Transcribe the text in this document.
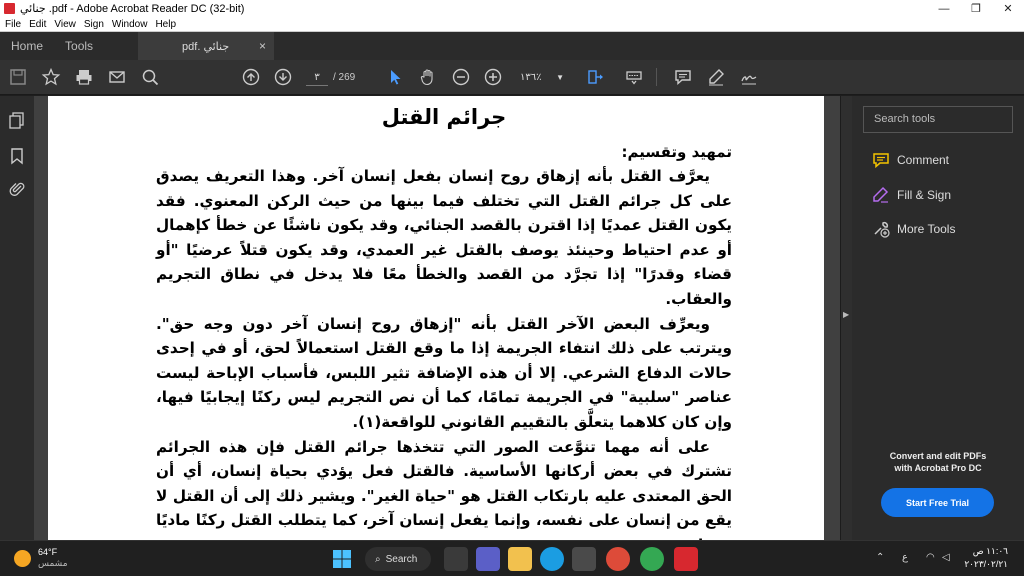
جنائي .pdf - Adobe Acrobat Reader DC (32-bit)	—	❐	✕
File Edit View Sign Window Help
Home	Tools	pdf. جنائي ×
٣	/ 269	١٣٦٪ ▼
جرائم القتل
تمهيد وتقسيم:

يعرَّف القتل بأنه إزهاق روح إنسان بفعل إنسان آخر. وهذا التعريف يصدق على كل جرائم القتل التي تختلف فيما بينها من حيث الركن المعنوي. فقد يكون القتل عمديًا إذا اقترن بالقصد الجنائي، وقد يكون ناشئًا عن خطأ كإهمال أو عدم احتياط وحينئذ يوصف بالقتل غير العمدي، وقد يكون قتلاً عرضيًا "أو قضاء وقدرًا" إذا تجرَّد من القصد والخطأ معًا فلا يدخل في نطاق التجريم والعقاب.

ويعرِّف البعض الآخر القتل بأنه "إزهاق روح إنسان آخر دون وجه حق". ويترتب على ذلك انتفاء الجريمة إذا ما وقع القتل استعمالاً لحق، أو في إحدى حالات الدفاع الشرعي. إلا أن هذه الإضافة تثير اللبس، فأسباب الإباحة ليست عناصر "سلبية" في الجريمة تمامًا، كما أن نص التجريم ليس ركنًا إيجابيًا فيها، وإن كان كلاهما يتعلَّق بالتقييم القانوني للواقعة(١).

على أنه مهما تنوَّعت الصور التي تتخذها جرائم القتل فإن هذه الجرائم تشترك في بعض أركانها الأساسية. فالقتل فعل يؤدي بحياة إنسان، أي أن الحق المعتدى عليه بارتكاب القتل هو "حياة الغير". ويشير ذلك إلى أن القتل لا يقع من إنسان على نفسه، وإنما يفعل إنسان آخر، كما يتطلب القتل ركنًا ماديًا

▶
Search tools
Comment
Fill & Sign
More Tools
Convert and edit PDFs
with Acrobat Pro DC
Start Free Trial
64°F
مشمس	⌕ Search	⌃ ع ◠ ◁
١١:٠٦ ص
٢٠٢٣/٠٢/٢١
